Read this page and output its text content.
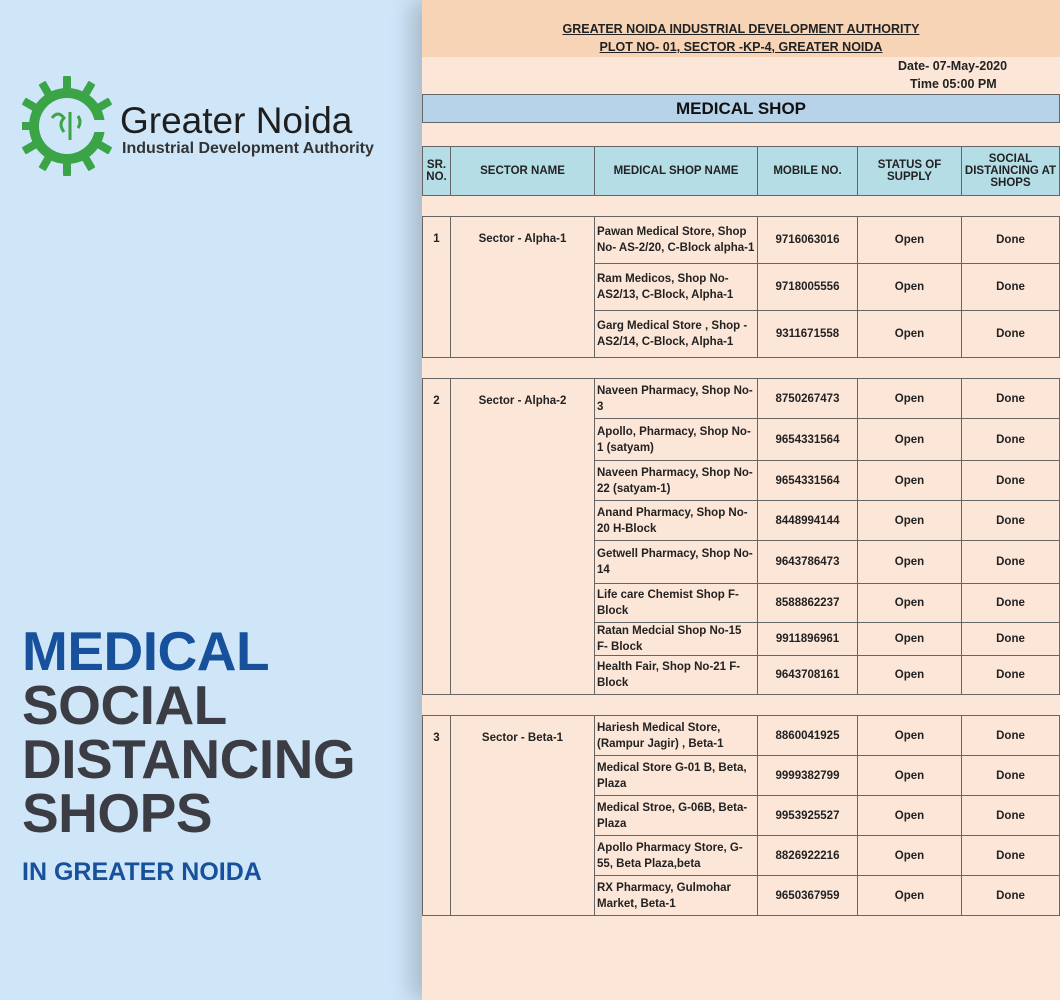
Greater Noida
Industrial Development Authority
MEDICAL
SOCIAL
DISTANCING
SHOPS
IN GREATER NOIDA
GREATER NOIDA INDUSTRIAL DEVELOPMENT AUTHORITY
PLOT NO- 01, SECTOR -KP-4, GREATER NOIDA
Date- 07-May-2020
Time 05:00 PM
MEDICAL SHOP
SR. NO.	SECTOR NAME	MEDICAL SHOP NAME	MOBILE NO.	STATUS OF SUPPLY	SOCIAL DISTAINCING AT SHOPS

1	Sector - Alpha-1	Pawan Medical Store, Shop No- AS-2/20, C-Block alpha-1	9716063016	Open	Done
		Ram Medicos, Shop No- AS2/13, C-Block, Alpha-1	9718005556	Open	Done
		Garg Medical Store , Shop - AS2/14, C-Block, Alpha-1	9311671558	Open	Done

2	Sector - Alpha-2	Naveen Pharmacy, Shop No- 3	8750267473	Open	Done
		Apollo, Pharmacy, Shop No-1 (satyam)	9654331564	Open	Done
		Naveen Pharmacy, Shop No- 22 (satyam-1)	9654331564	Open	Done
		Anand Pharmacy, Shop No- 20 H-Block	8448994144	Open	Done
		Getwell Pharmacy, Shop No- 14	9643786473	Open	Done
		Life care Chemist Shop F- Block	8588862237	Open	Done
		Ratan Medcial Shop No-15 F- Block	9911896961	Open	Done
		Health Fair, Shop No-21 F- Block	9643708161	Open	Done

3	Sector - Beta-1	Hariesh Medical Store, (Rampur Jagir) , Beta-1	8860041925	Open	Done
		Medical Store G-01 B, Beta, Plaza	9999382799	Open	Done
		Medical Stroe, G-06B, Beta- Plaza	9953925527	Open	Done
		Apollo Pharmacy Store, G-55, Beta Plaza,beta	8826922216	Open	Done
		RX Pharmacy, Gulmohar Market, Beta-1	9650367959	Open	Done
